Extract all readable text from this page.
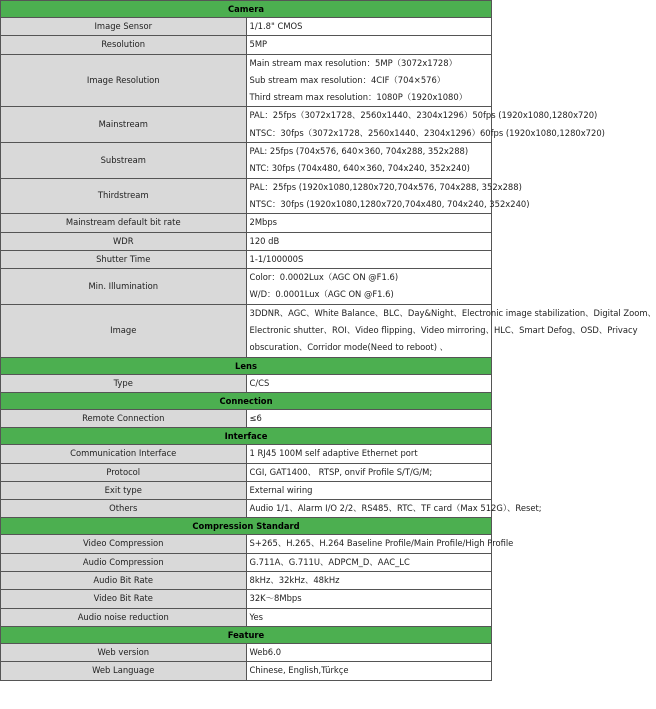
Camera	
Image Sensor	1/1.8" CMOS

Resolution	5MP

Image Resolution	Main stream max resolution：5MP（3072x1728）
Sub stream max resolution：4CIF（704×576）
Third stream max resolution：1080P（1920x1080）

Mainstream	PAL：25fps（3072x1728、2560x1440、2304x1296）50fps (1920x1080,1280x720)
NTSC：30fps（3072x1728、2560x1440、2304x1296）60fps (1920x1080,1280x720)

Substream	PAL: 25fps (704x576, 640×360, 704x288, 352x288)
NTC: 30fps (704x480, 640×360, 704x240, 352x240)

Thirdstream	PAL：25fps (1920x1080,1280x720,704x576, 704x288, 352x288)
NTSC：30fps (1920x1080,1280x720,704x480, 704x240, 352x240)

Mainstream default bit rate	2Mbps

WDR	120 dB

Shutter Time	1-1/100000S

Min. Illumination	Color：0.0002Lux（AGC ON @F1.6)
W/D：0.0001Lux（AGC ON @F1.6)

Image	3DDNR、AGC、White Balance、BLC、Day&Night、Electronic image stabilization、Digital Zoom、
Electronic shutter、ROI、Video flipping、Video mirroring、HLC、Smart Defog、OSD、Privacy
obscuration、Corridor mode(Need to reboot) 、

Lens	
Type	C/CS

Connection	
Remote Connection	≤6

Interface	
Communication Interface	1 RJ45 100M self adaptive Ethernet port

Protocol	CGI, GAT1400、 RTSP, onvif Profile S/T/G/M;

Exit type	External wiring

Others	Audio 1/1、Alarm I/O 2/2、RS485、RTC、TF card（Max 512G）、Reset;

Compression Standard	
Video Compression	S+265、H.265、H.264 Baseline Profile/Main Profile/High Profile

Audio Compression	G.711A、G.711U、ADPCM_D、AAC_LC

Audio Bit Rate	8kHz、32kHz、48kHz

Video Bit Rate	32K～8Mbps

Audio noise reduction	Yes

Feature	
Web version	Web6.0

Web Language	Chinese, English,Türkçe
